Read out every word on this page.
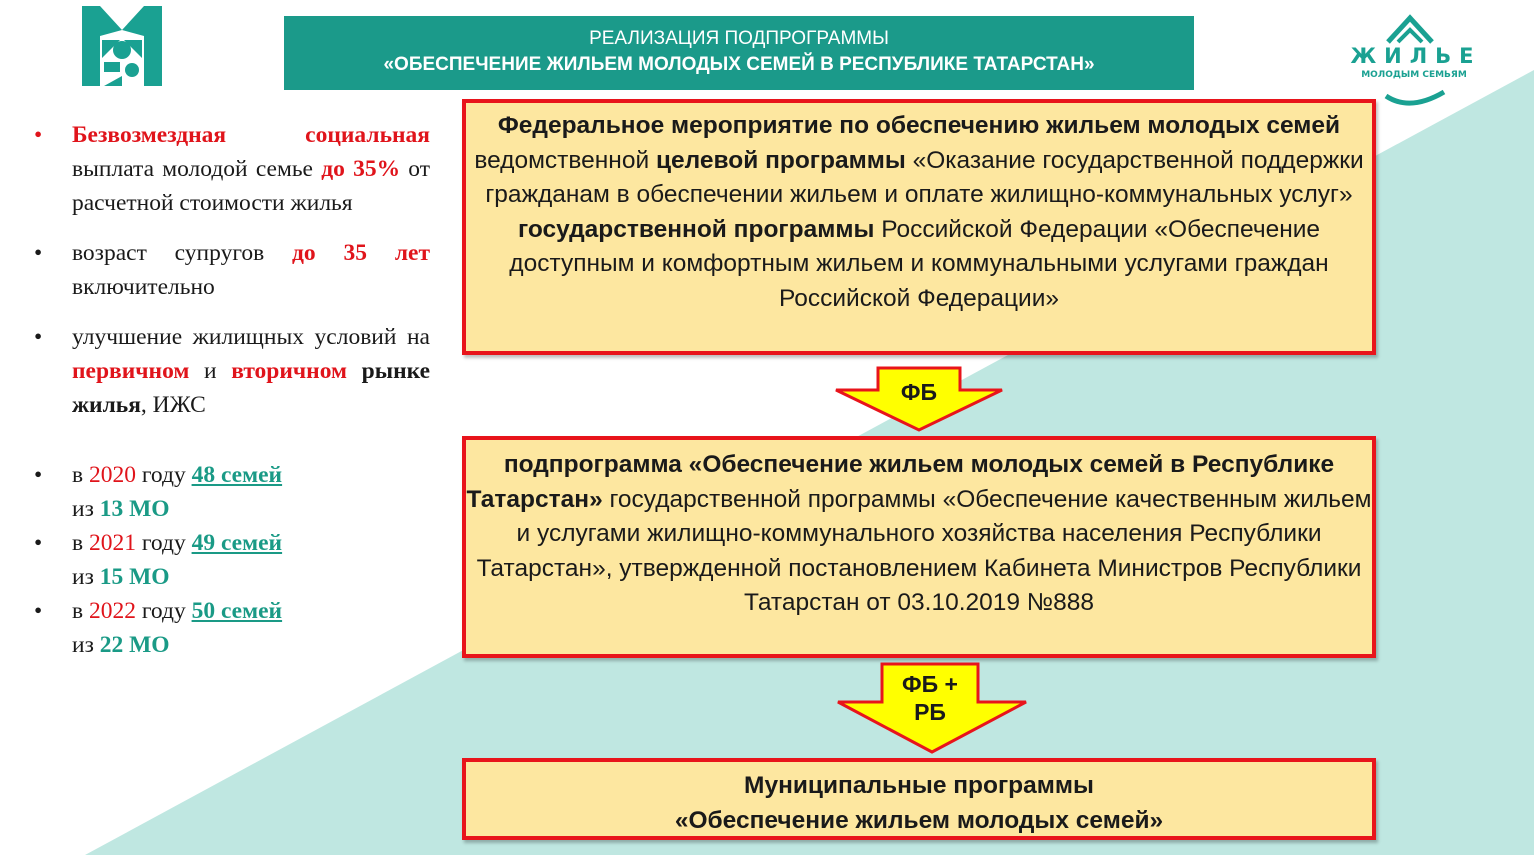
ЖИЛЬЕ
МОЛОДЫМ СЕМЬЯМ
РЕАЛИЗАЦИЯ ПОДПРОГРАММЫ
«ОБЕСПЕЧЕНИЕ ЖИЛЬЕМ МОЛОДЫХ СЕМЕЙ В РЕСПУБЛИКЕ ТАТАРСТАН»
• Безвозмездная социальная выплата молодой семье до 35% от расчетной стоимости жилья
• возраст супругов до 35 лет включительно
• улучшение жилищных условий на первичном и вторичном рынке жилья, ИЖС
• в 2020 году 48 семей
из 13 МО
• в 2021 году 49 семей
из 15 МО
• в 2022 году 50 семей
из 22 МО
Федеральное мероприятие по обеспечению жильем молодых семей ведомственной целевой программы «Оказание государственной поддержки гражданам в обеспечении жильем и оплате жилищно-коммунальных услуг» государственной программы Российской Федерации «Обеспечение доступным и комфортным жильем и коммунальными услугами граждан Российской Федерации»
ФБ
подпрограмма «Обеспечение жильем молодых семей в Республике Татарстан» государственной программы «Обеспечение качественным жильем и услугами жилищно-коммунального хозяйства населения Республики Татарстан», утвержденной постановлением Кабинета Министров Республики Татарстан от 03.10.2019 №888
ФБ +
РБ
Муниципальные программы
«Обеспечение жильем молодых семей»
